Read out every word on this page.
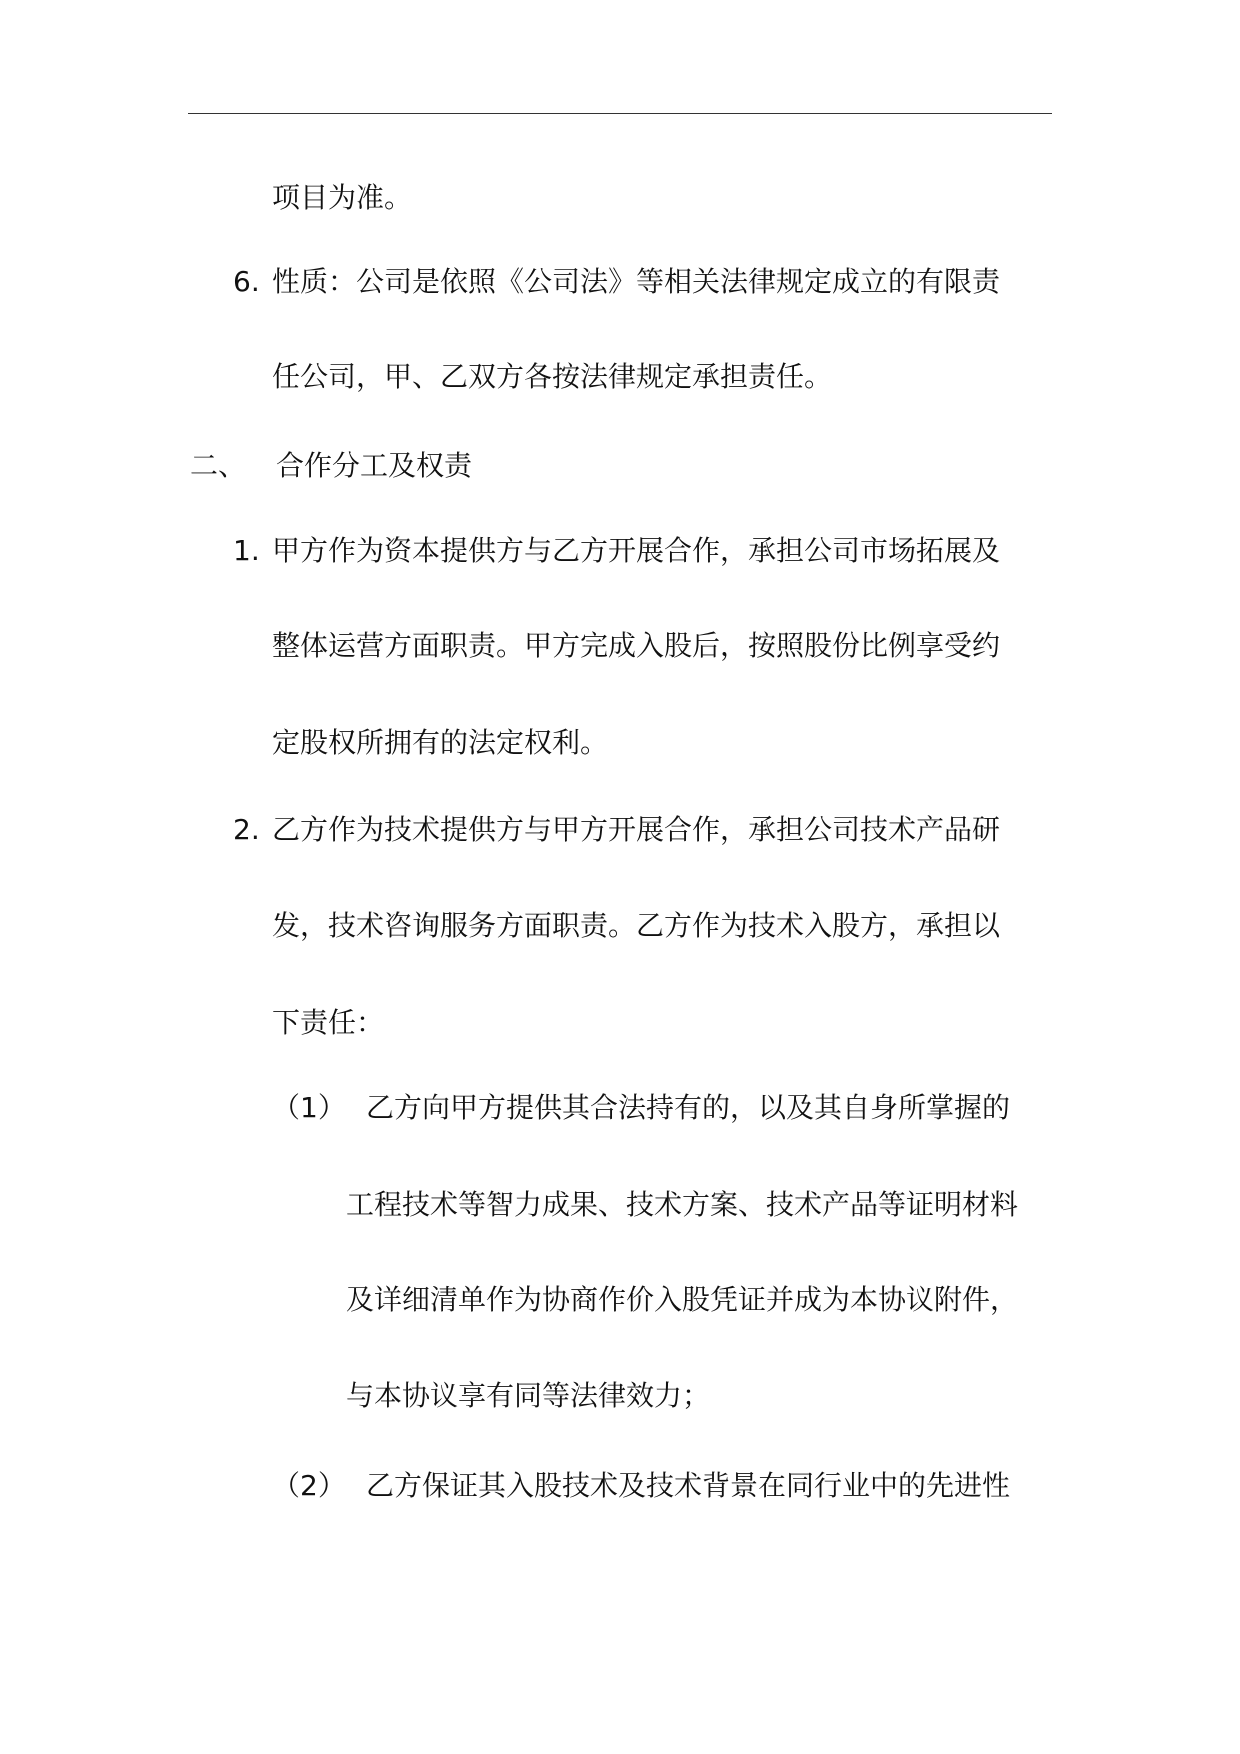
项目为准。

6. 性质：公司是依照《公司法》等相关法律规定成立的有限责

任公司，甲、乙双方各按法律规定承担责任。

二、 合作分工及权责

1. 甲方作为资本提供方与乙方开展合作，承担公司市场拓展及

整体运营方面职责。甲方完成入股后，按照股份比例享受约

定股权所拥有的法定权利。

2. 乙方作为技术提供方与甲方开展合作，承担公司技术产品研

发，技术咨询服务方面职责。乙方作为技术入股方，承担以

下责任：

（1） 乙方向甲方提供其合法持有的，以及其自身所掌握的

工程技术等智力成果、技术方案、技术产品等证明材料

及详细清单作为协商作价入股凭证并成为本协议附件，

与本协议享有同等法律效力；

（2） 乙方保证其入股技术及技术背景在同行业中的先进性
